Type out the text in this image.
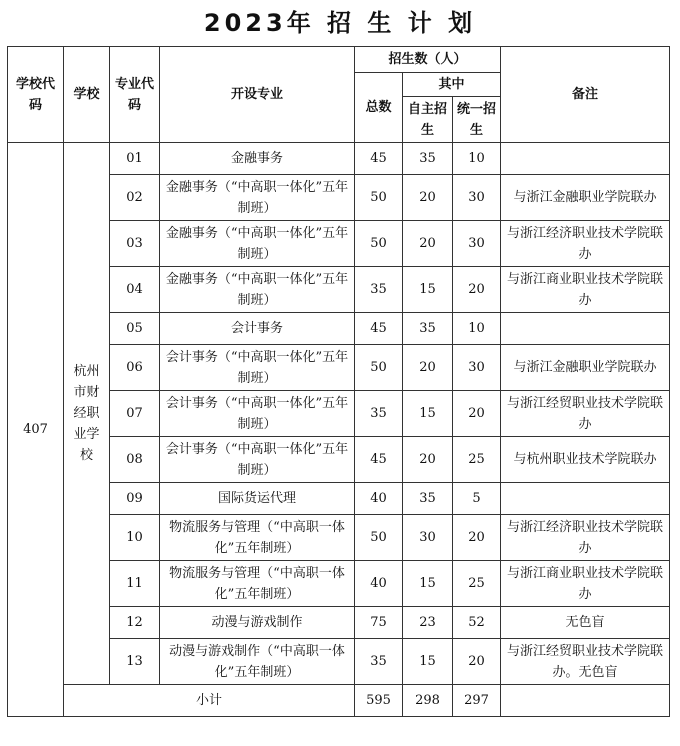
2023年 招 生 计 划
学校代码	学校	专业代码	开设专业	招生数（人）			备注
				总数	其中		
					自主招生	统一招生	
407	杭州市财经职业学校	01	金融事务	45	35	10	
		02	金融事务（“中高职一体化”五年制班）	50	20	30	与浙江金融职业学院联办
		03	金融事务（“中高职一体化”五年制班）	50	20	30	与浙江经济职业技术学院联办
		04	金融事务（“中高职一体化”五年制班）	35	15	20	与浙江商业职业技术学院联办
		05	会计事务	45	35	10	
		06	会计事务（“中高职一体化”五年制班）	50	20	30	与浙江金融职业学院联办
		07	会计事务（“中高职一体化”五年制班）	35	15	20	与浙江经贸职业技术学院联办
		08	会计事务（“中高职一体化”五年制班）	45	20	25	与杭州职业技术学院联办
		09	国际货运代理	40	35	5	
		10	物流服务与管理（“中高职一体化”五年制班）	50	30	20	与浙江经济职业技术学院联办
		11	物流服务与管理（“中高职一体化”五年制班）	40	15	25	与浙江商业职业技术学院联办
		12	动漫与游戏制作	75	23	52	无色盲
		13	动漫与游戏制作（“中高职一体化”五年制班）	35	15	20	与浙江经贸职业技术学院联办。无色盲
	小计			595	298	297	
